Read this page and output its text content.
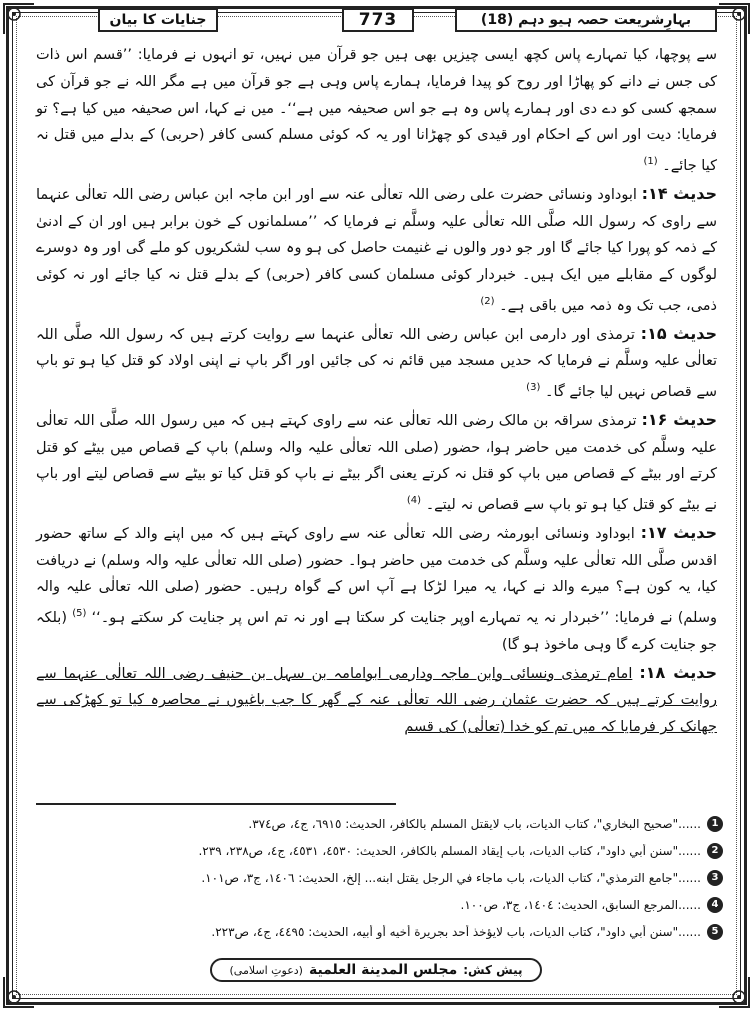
بہارِشریعت حصہ ہیو دہم (18)
773
جنایات کا بیان

سے پوچھا، کیا تمہارے پاس کچھ ایسی چیزیں بھی ہیں جو قرآن میں نہیں، تو انہوں نے فرمایا: ’’قسم اس ذات کی جس نے دانے کو پھاڑا اور روح کو پیدا فرمایا، ہمارے پاس وہی ہے جو قرآن میں ہے مگر اللہ نے جو قرآن کی سمجھ کسی کو دے دی اور ہمارے پاس وہ ہے جو اس صحیفہ میں ہے‘‘۔ میں نے کہا، اس صحیفہ میں کیا ہے؟ تو فرمایا: دیت اور اس کے احکام اور قیدی کو چھڑانا اور یہ کہ کوئی مسلم کسی کافر (حربی) کے بدلے میں قتل نہ کیا جائے۔ $^{(1)}$

حدیث ۱۴: ابوداود ونسائی حضرت علی رضی اللہ تعالٰی عنہ سے اور ابن ماجہ ابن عباس رضی اللہ تعالٰی عنہما سے راوی کہ رسول اللہ صلَّی اللہ تعالٰی علیہ وسلَّم نے فرمایا کہ ’’مسلمانوں کے خون برابر ہیں اور ان کے ادنیٰ کے ذمہ کو پورا کیا جائے گا اور جو دور والوں نے غنیمت حاصل کی ہو وہ سب لشکریوں کو ملے گی اور وہ دوسرے لوگوں کے مقابلے میں ایک ہیں۔ خبردار کوئی مسلمان کسی کافر (حربی) کے بدلے قتل نہ کیا جائے اور نہ کوئی ذمی، جب تک وہ ذمہ میں باقی ہے۔ $^{(2)}$

حدیث ۱۵: ترمذی اور دارمی ابن عباس رضی اللہ تعالٰی عنہما سے روایت کرتے ہیں کہ رسول اللہ صلَّی اللہ تعالٰی علیہ وسلَّم نے فرمایا کہ حدیں مسجد میں قائم نہ کی جائیں اور اگر باپ نے اپنی اولاد کو قتل کیا ہو تو باپ سے قصاص نہیں لیا جائے گا۔ $^{(3)}$

حدیث ۱۶: ترمذی سراقہ بن مالک رضی اللہ تعالٰی عنہ سے راوی کہتے ہیں کہ میں رسول اللہ صلَّی اللہ تعالٰی علیہ وسلَّم کی خدمت میں حاضر ہوا، حضور (صلی اللہ تعالٰی علیہ والہ وسلم) باپ کے قصاص میں بیٹے کو قتل کرتے اور بیٹے کے قصاص میں باپ کو قتل نہ کرتے یعنی اگر بیٹے نے باپ کو قتل کیا تو بیٹے سے قصاص لیتے اور باپ نے بیٹے کو قتل کیا ہو تو باپ سے قصاص نہ لیتے۔ $^{(4)}$

حدیث ۱۷: ابوداود ونسائی ابورمثہ رضی اللہ تعالٰی عنہ سے راوی کہتے ہیں کہ میں اپنے والد کے ساتھ حضور اقدس صلَّی اللہ تعالٰی علیہ وسلَّم کی خدمت میں حاضر ہوا۔ حضور (صلی اللہ تعالٰی علیہ والہ وسلم) نے دریافت کیا، یہ کون ہے؟ میرے والد نے کہا، یہ میرا لڑکا ہے آپ اس کے گواہ رہیں۔ حضور (صلی اللہ تعالٰی علیہ والہ وسلم) نے فرمایا: ’’خبردار نہ یہ تمہارے اوپر جنایت کر سکتا ہے اور نہ تم اس پر جنایت کر سکتے ہو۔‘‘ $^{(5)}$ (بلکہ جو جنایت کرے گا وہی ماخوذ ہو گا)

حدیث ۱۸: امام ترمذی ونسائی وابن ماجہ ودارمی ابوامامہ بن سہل بن حنیف رضی اللہ تعالٰی عنہما سے روایت کرتے ہیں کہ حضرت عثمان رضی اللہ تعالٰی عنہ کے گھر کا جب باغیوں نے محاصرہ کیا تو کھڑکی سے جھانک کر فرمایا کہ میں تم کو خدا (تعالٰی) کی قسم

1
......"صحيح البخاري"، كتاب الديات، باب لايقتل المسلم بالكافر، الحديث: ٦٩١٥، ج٤، ص٣٧٤.
2
......"سنن أبي داود"، كتاب الديات، باب إيقاد المسلم بالكافر، الحديث: ٤٥٣٠، ٤٥٣١، ج٤، ص٢٣٨، ٢٣٩.
3
......"جامع الترمذي"، كتاب الديات، باب ماجاء في الرجل يقتل ابنه... إلخ، الحديث: ١٤٠٦، ج٣، ص١٠١.
4
......المرجع السابق، الحديث: ١٤٠٤، ج٣، ص١٠٠.
5
......"سنن أبي داود"، كتاب الديات، باب لايؤخذ أحد بجريرة أخيه أو أبيه، الحديث: ٤٤٩٥، ج٤، ص٢٢٣.
پیش کش:
مجلس المدينة العلمية
(دعوتِ اسلامی)
